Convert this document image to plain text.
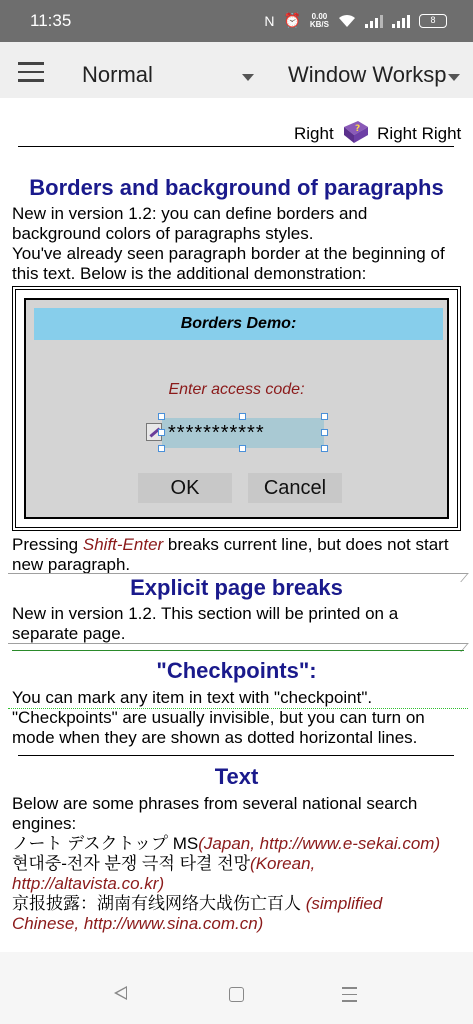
11:35	N ⏰ 0.00
KB/S	8
Normal	Window Worksp
Right ? Right Right
Borders and background of paragraphs
New in version 1.2: you can define borders and
background colors of paragraphs styles.
You've already seen paragraph border at the beginning of
this text. Below is the additional demonstration:
Borders Demo:
Enter access code:
***********
OK	Cancel
Pressing Shift-Enter breaks current line, but does not start
new paragraph.
Explicit page breaks
New in version 1.2. This section will be printed on a
separate page.
"Checkpoints":
You can mark any item in text with "checkpoint".
"Checkpoints" are usually invisible, but you can turn on
mode when they are shown as dotted horizontal lines.
Text
Below are some phrases from several national search
engines:
ノート デスクトップ MS(Japan, http://www.e-sekai.com)
현대중-전자 분쟁 극적 타결 전망(Korean,
http://altavista.co.kr)
京报披露：湖南有线网络大战伤亡百人 (simplified
Chinese, http://www.sina.com.cn)
